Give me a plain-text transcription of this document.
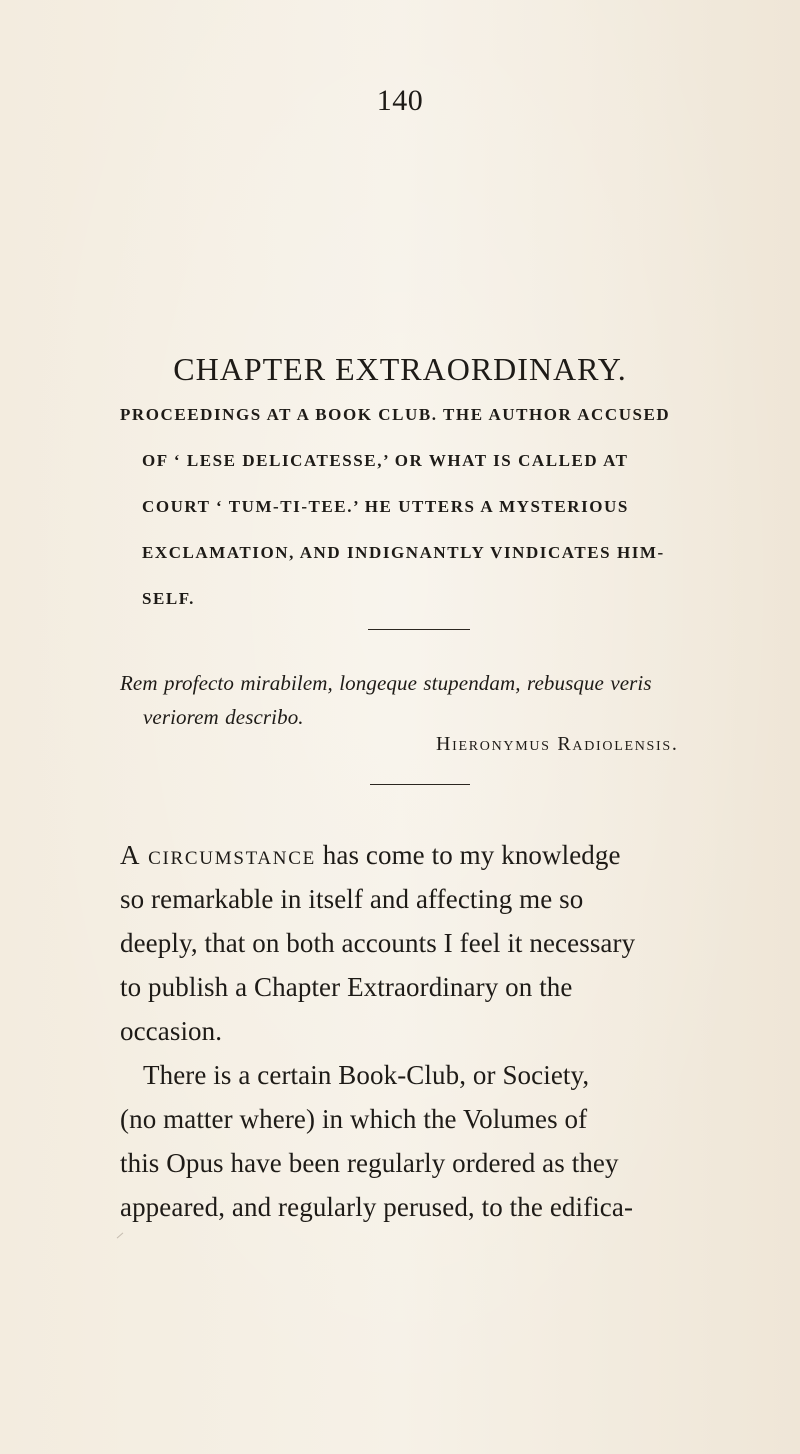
140
CHAPTER EXTRAORDINARY.

PROCEEDINGS AT A BOOK CLUB. THE AUTHOR ACCUSED
OF ‘ LESE DELICATESSE,’ OR WHAT IS CALLED AT
COURT ‘ TUM-TI-TEE.’ HE UTTERS A MYSTERIOUS
EXCLAMATION, AND INDIGNANTLY VINDICATES HIM-
SELF.

Rem profecto mirabilem, longeque stupendam, rebusque veris
veriorem describo.

Hieronymus Radiolensis.

A circumstance has come to my knowledge
so remarkable in itself and affecting me so
deeply, that on both accounts I feel it necessary
to publish a Chapter Extraordinary on the
occasion.
There is a certain Book-Club, or Society,
(no matter where) in which the Volumes of
this Opus have been regularly ordered as they
appeared, and regularly perused, to the edifica-
